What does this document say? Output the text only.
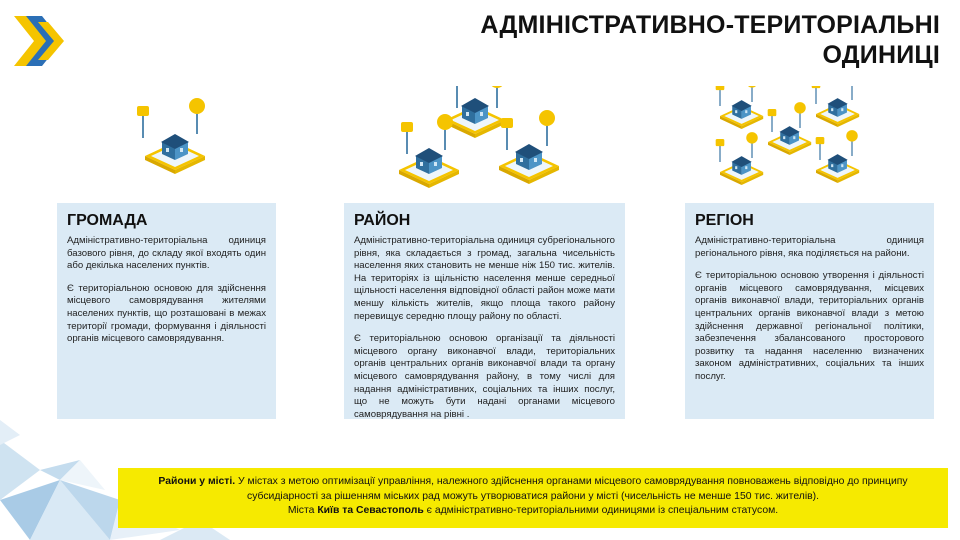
АДМІНІСТРАТИВНО-ТЕРИТОРІАЛЬНІ
ОДИНИЦІ
ГРОМАДА

Адміністративно-територіальна одиниця базового рівня, до складу якої входять один або декілька населених пунктів.

Є територіальною основою для здійснення місцевого самоврядування жителями населених пунктів, що розташовані в межах території громади, формування і діяльності органів місцевого самоврядування.

РАЙОН

Адміністративно-територіальна одиниця субрегіонального рівня, яка складається з громад, загальна чисельність населення яких становить не менше ніж 150 тис. жителів. На територіях із щільністю населення менше середньої щільності населення відповідної області район може мати меншу кількість жителів, якщо площа такого району перевищує середню площу району по області.

Є територіальною основою організації та діяльності місцевого органу виконавчої влади, територіальних органів центральних органів виконавчої влади та органу місцевого самоврядування району, в тому числі для надання адміністративних, соціальних та інших послуг, що не можуть бути надані органами місцевого самоврядування на рівні .

РЕГІОН

Адміністративно-територіальна одиниця регіонального рівня, яка поділяється на райони.

Є територіальною основою утворення і діяльності органів місцевого самоврядування, місцевих органів виконавчої влади, територіальних органів центральних органів виконавчої влади з метою здійснення державної регіональної політики, забезпечення збалансованого просторового розвитку та надання населенню визначених законом адміністративних, соціальних та інших послуг.

Райони у місті. У містах з метою оптимізації управління, належного здійснення органами місцевого самоврядування повноважень відповідно до принципу субсидіарності за рішенням міських рад можуть утворюватися райони у місті (чисельність не менше 150 тис. жителів).
Міста Київ та Севастополь є адміністративно-територіальними одиницями із спеціальним статусом.
